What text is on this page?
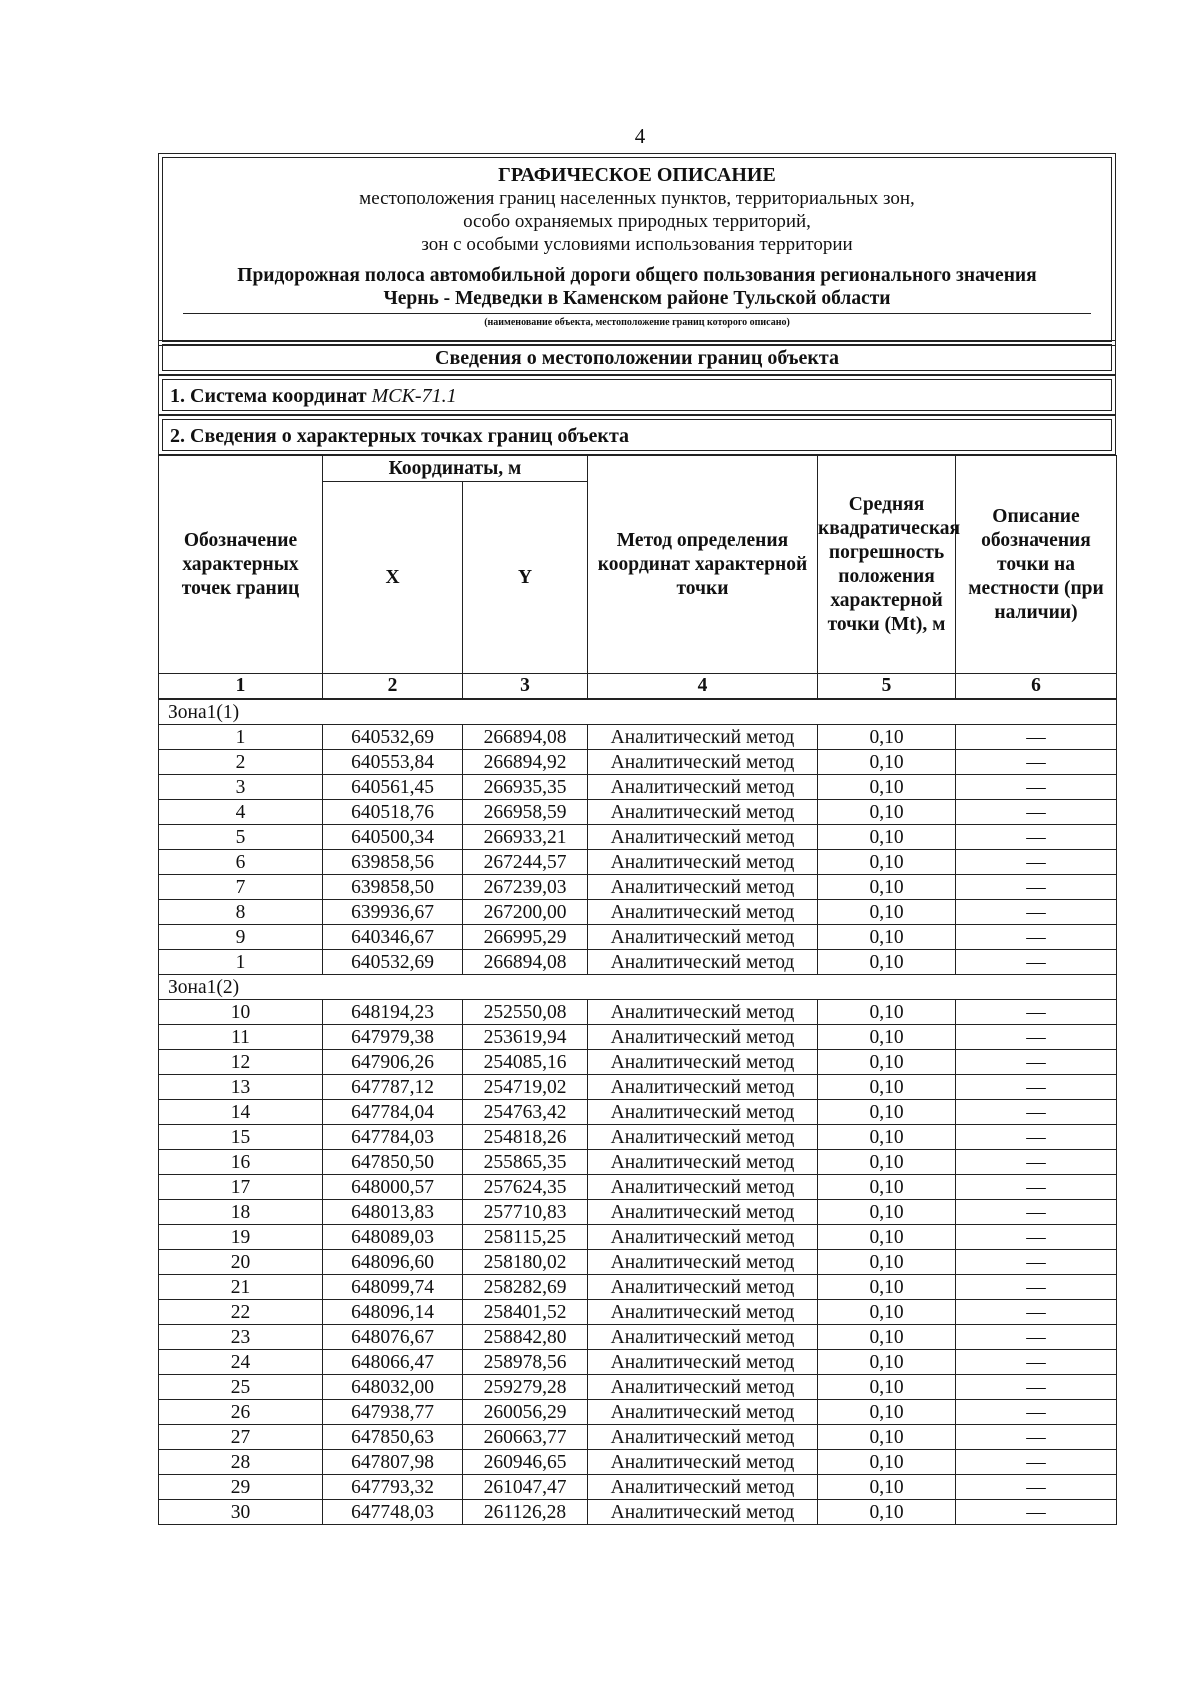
4
ГРАФИЧЕСКОЕ ОПИСАНИЕ
местоположения границ населенных пунктов, территориальных зон,
особо охраняемых природных территорий,
зон с особыми условиями использования территории
Придорожная полоса автомобильной дороги общего пользования регионального значения
Чернь - Медведки в Каменском районе Тульской области
(наименование объекта, местоположение границ которого описано)
Сведения о местоположении границ объекта
1. Система координат МСК-71.1
2. Сведения о характерных точках границ объекта
Обозначение характерных точек границ	Координаты, м		Метод определения координат характерной точки	Средняя квадратическая погрешность положения характерной точки (Мt), м	Описание обозначения точки на местности (при наличии)
	X	Y			
1	2	3	4	5	6
Зона1(1)					
1	640532,69	266894,08	Аналитический метод	0,10	—
2	640553,84	266894,92	Аналитический метод	0,10	—
3	640561,45	266935,35	Аналитический метод	0,10	—
4	640518,76	266958,59	Аналитический метод	0,10	—
5	640500,34	266933,21	Аналитический метод	0,10	—
6	639858,56	267244,57	Аналитический метод	0,10	—
7	639858,50	267239,03	Аналитический метод	0,10	—
8	639936,67	267200,00	Аналитический метод	0,10	—
9	640346,67	266995,29	Аналитический метод	0,10	—
1	640532,69	266894,08	Аналитический метод	0,10	—
Зона1(2)					
10	648194,23	252550,08	Аналитический метод	0,10	—
11	647979,38	253619,94	Аналитический метод	0,10	—
12	647906,26	254085,16	Аналитический метод	0,10	—
13	647787,12	254719,02	Аналитический метод	0,10	—
14	647784,04	254763,42	Аналитический метод	0,10	—
15	647784,03	254818,26	Аналитический метод	0,10	—
16	647850,50	255865,35	Аналитический метод	0,10	—
17	648000,57	257624,35	Аналитический метод	0,10	—
18	648013,83	257710,83	Аналитический метод	0,10	—
19	648089,03	258115,25	Аналитический метод	0,10	—
20	648096,60	258180,02	Аналитический метод	0,10	—
21	648099,74	258282,69	Аналитический метод	0,10	—
22	648096,14	258401,52	Аналитический метод	0,10	—
23	648076,67	258842,80	Аналитический метод	0,10	—
24	648066,47	258978,56	Аналитический метод	0,10	—
25	648032,00	259279,28	Аналитический метод	0,10	—
26	647938,77	260056,29	Аналитический метод	0,10	—
27	647850,63	260663,77	Аналитический метод	0,10	—
28	647807,98	260946,65	Аналитический метод	0,10	—
29	647793,32	261047,47	Аналитический метод	0,10	—
30	647748,03	261126,28	Аналитический метод	0,10	—
